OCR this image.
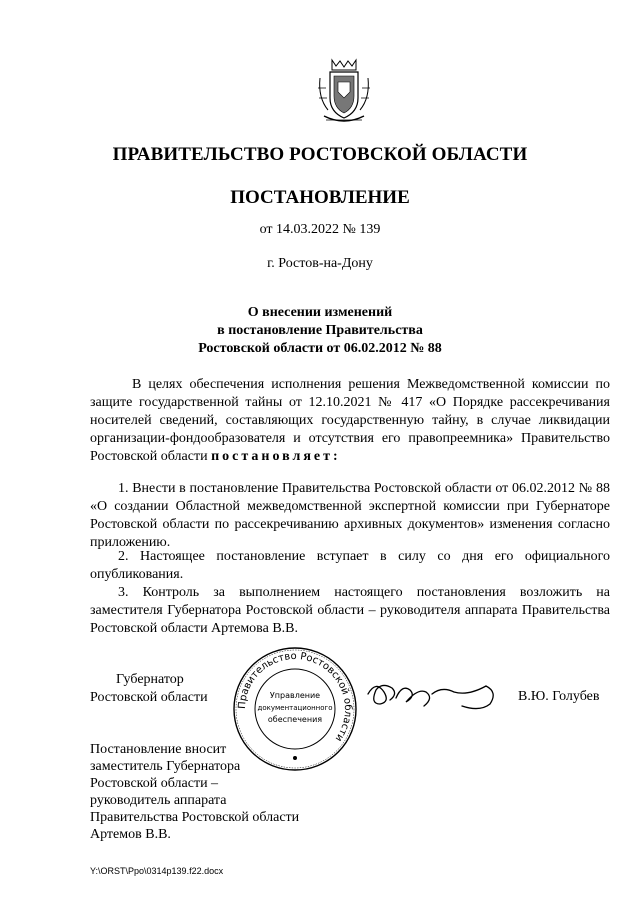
ПРАВИТЕЛЬСТВО РОСТОВСКОЙ ОБЛАСТИ
ПОСТАНОВЛЕНИЕ
от 14.03.2022 № 139
г. Ростов-на-Дону
О внесении изменений
в постановление Правительства
Ростовской области от 06.02.2012 № 88
В целях обеспечения исполнения решения Межведомственной комиссии по защите государственной тайны от 12.10.2021 № 417 «О Порядке рассекречивания носителей сведений, составляющих государственную тайну, в случае ликвидации организации-фондообразователя и отсутствия его правопреемника» Правительство Ростовской области постановляет:
1. Внести в постановлeние Правительства Ростовской области от 06.02.2012 № 88 «О создании Областной межведомственной экспертной комиссии при Губернаторе Ростовской области по рассекречиванию архивных документов» изменения согласно приложению.
2. Настоящее постановление вступает в силу со дня его официального опубликования.
3. Контроль за выполнением настоящего постановления возложить на заместителя Губернатора Ростовской области – руководителя аппарата Правительства Ростовской области Артемова В.В.
Губернатор
Ростовской области
Правительство Ростовской области
Управление
документационного
обеспечения
В.Ю. Голубев
Постановление вносит
заместитель Губернатора
Ростовской области –
руководитель аппарата
Правительства Ростовской области
Артемов В.В.
Y:\ORST\Ppo\0314p139.f22.docx
